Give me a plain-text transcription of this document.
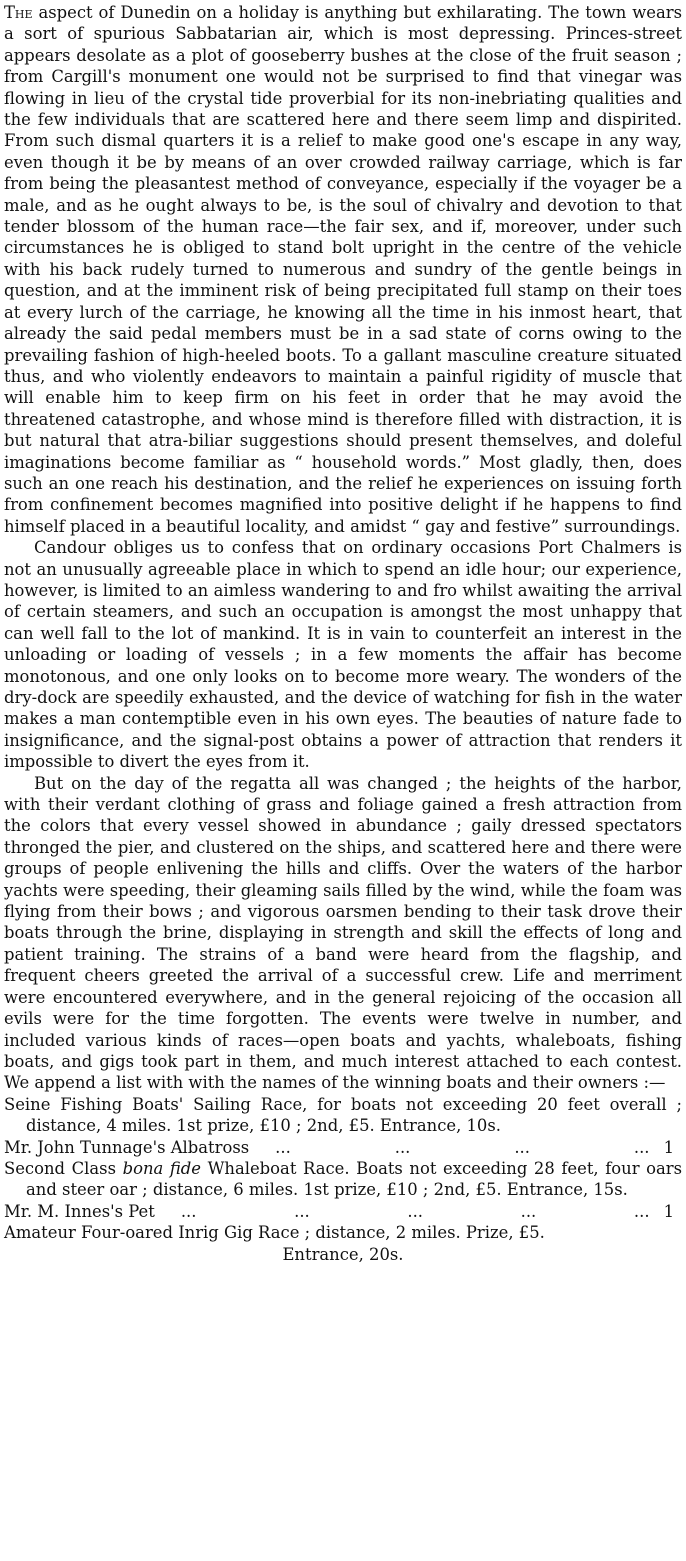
The aspect of Dunedin on a holiday is anything but exhilarating. The town wears a sort of spurious Sabbatarian air, which is most depressing. Princes-street appears desolate as a plot of gooseberry bushes at the close of the fruit season ; from Cargill's monument one would not be surprised to find that vinegar was flowing in lieu of the crystal tide proverbial for its non-inebriating qualities and the few individuals that are scattered here and there seem limp and dispirited. From such dismal quarters it is a relief to make good one's escape in any way, even though it be by means of an over crowded railway carriage, which is far from being the pleasantest method of conveyance, especially if the voyager be a male, and as he ought always to be, is the soul of chivalry and devotion to that tender blossom of the human race—the fair sex, and if, moreover, under such circumstances he is obliged to stand bolt upright in the centre of the vehicle with his back rudely turned to numerous and sundry of the gentle beings in question, and at the imminent risk of being precipitated full stamp on their toes at every lurch of the carriage, he knowing all the time in his inmost heart, that already the said pedal members must be in a sad state of corns owing to the prevailing fashion of high-heeled boots. To a gallant masculine creature situated thus, and who violently endeavors to maintain a painful rigidity of muscle that will enable him to keep firm on his feet in order that he may avoid the threatened catastrophe, and whose mind is therefore filled with distraction, it is but natural that atra-biliar suggestions should present themselves, and doleful imaginations become familiar as “ household words.” Most gladly, then, does such an one reach his destination, and the relief he experiences on issuing forth from confinement becomes magnified into positive delight if he happens to find himself placed in a beautiful locality, and amidst “ gay and festive” surroundings.

Candour obliges us to confess that on ordinary occasions Port Chalmers is not an unusually agreeable place in which to spend an idle hour; our experience, however, is limited to an aimless wandering to and fro whilst awaiting the arrival of certain steamers, and such an occupation is amongst the most unhappy that can well fall to the lot of mankind. It is in vain to counterfeit an interest in the unloading or loading of vessels ; in a few moments the affair has become monotonous, and one only looks on to become more weary. The wonders of the dry-dock are speedily exhausted, and the device of watching for fish in the water makes a man contemptible even in his own eyes. The beauties of nature fade to insignificance, and the signal-post obtains a power of attraction that renders it impossible to divert the eyes from it.

But on the day of the regatta all was changed ; the heights of the harbor, with their verdant clothing of grass and foliage gained a fresh attraction from the colors that every vessel showed in abundance ; gaily dressed spectators thronged the pier, and clustered on the ships, and scattered here and there were groups of people enlivening the hills and cliffs. Over the waters of the harbor yachts were speeding, their gleaming sails filled by the wind, while the foam was flying from their bows ; and vigorous oarsmen bending to their task drove their boats through the brine, displaying in strength and skill the effects of long and patient training. The strains of a band were heard from the flagship, and frequent cheers greeted the arrival of a successful crew. Life and merriment were encountered everywhere, and in the general rejoicing of the occasion all evils were for the time forgotten. The events were twelve in number, and included various kinds of races—open boats and yachts, whaleboats, fishing boats, and gigs took part in them, and much interest attached to each contest. We append a list with with the names of the winning boats and their owners :—

Seine Fishing Boats' Sailing Race, for boats not exceeding 20 feet overall ; distance, 4 miles. 1st prize, £10 ; 2nd, £5. Entrance, 10s.

Mr. John Tunnage's Albatross ...	...	...	... 1

Second Class bona fide Whaleboat Race. Boats not exceeding 28 feet, four oars and steer oar ; distance, 6 miles. 1st prize, £10 ; 2nd, £5. Entrance, 15s.

Mr. M. Innes's Pet ...	...	...	...	... 1

Amateur Four-oared Inrig Gig Race ; distance, 2 miles. Prize, £5.

Entrance, 20s.
